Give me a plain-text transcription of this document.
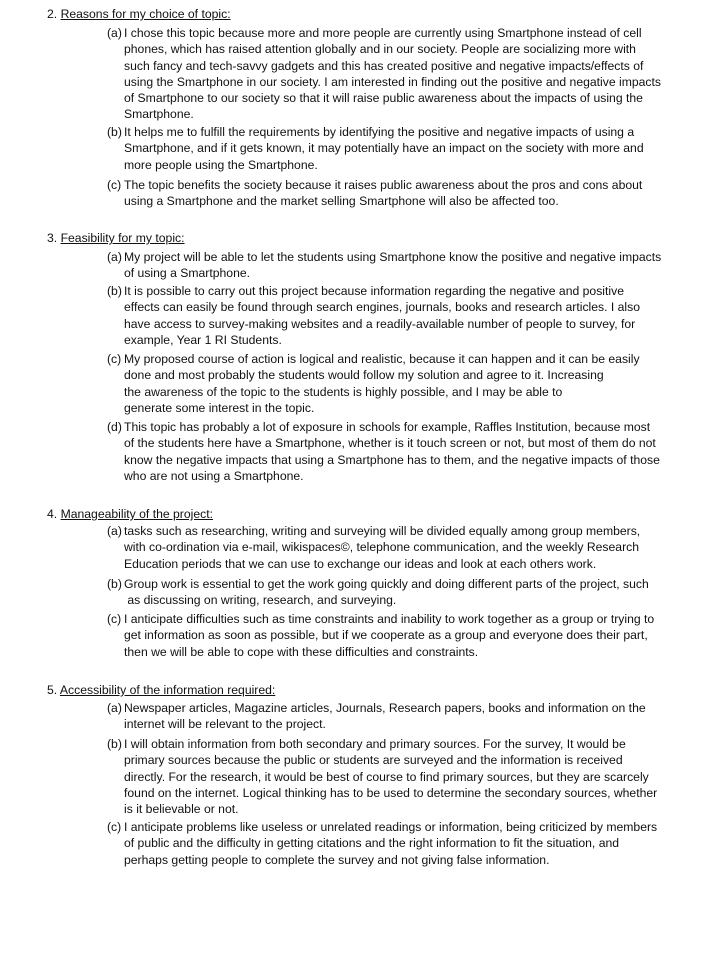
2. Reasons for my choice of topic:
(a) I chose this topic because more and more people are currently using Smartphone instead of cell
phones, which has raised attention globally and in our society. People are socializing more with
such fancy and tech-savvy gadgets and this has created positive and negative impacts/effects of
using the Smartphone in our society. I am interested in finding out the positive and negative impacts
of Smartphone to our society so that it will raise public awareness about the impacts of using the
Smartphone.
(b) It helps me to fulfill the requirements by identifying the positive and negative impacts of using a
Smartphone, and if it gets known, it may potentially have an impact on the society with more and
more people using the Smartphone.
(c) The topic benefits the society because it raises public awareness about the pros and cons about
using a Smartphone and the market selling Smartphone will also be affected too.
3. Feasibility for my topic:
(a) My project will be able to let the students using Smartphone know the positive and negative impacts
of using a Smartphone.
(b) It is possible to carry out this project because information regarding the negative and positive
effects can easily be found through search engines, journals, books and research articles. I also
have access to survey-making websites and a readily-available number of people to survey, for
example, Year 1 RI Students.
(c) My proposed course of action is logical and realistic, because it can happen and it can be easily
done and most probably the students would follow my solution and agree to it. Increasing
the awareness of the topic to the students is highly possible, and I may be able to
generate some interest in the topic.
(d) This topic has probably a lot of exposure in schools for example, Raffles Institution, because most
of the students here have a Smartphone, whether is it touch screen or not, but most of them do not
know the negative impacts that using a Smartphone has to them, and the negative impacts of those
who are not using a Smartphone.
4. Manageability of the project:
(a) tasks such as researching, writing and surveying will be divided equally among group members,
with co-ordination via e-mail, wikispaces©, telephone communication, and the weekly Research
Education periods that we can use to exchange our ideas and look at each others work.
(b) Group work is essential to get the work going quickly and doing different parts of the project, such
as discussing on writing, research, and surveying.
(c) I anticipate difficulties such as time constraints and inability to work together as a group or trying to
get information as soon as possible, but if we cooperate as a group and everyone does their part,
then we will be able to cope with these difficulties and constraints.
5. Accessibility of the information required:
(a) Newspaper articles, Magazine articles, Journals, Research papers, books and information on the
internet will be relevant to the project.
(b) I will obtain information from both secondary and primary sources. For the survey, It would be
primary sources because the public or students are surveyed and the information is received
directly. For the research, it would be best of course to find primary sources, but they are scarcely
found on the internet. Logical thinking has to be used to determine the secondary sources, whether
is it believable or not.
(c) I anticipate problems like useless or unrelated readings or information, being criticized by members
of public and the difficulty in getting citations and the right information to fit the situation, and
perhaps getting people to complete the survey and not giving false information.
